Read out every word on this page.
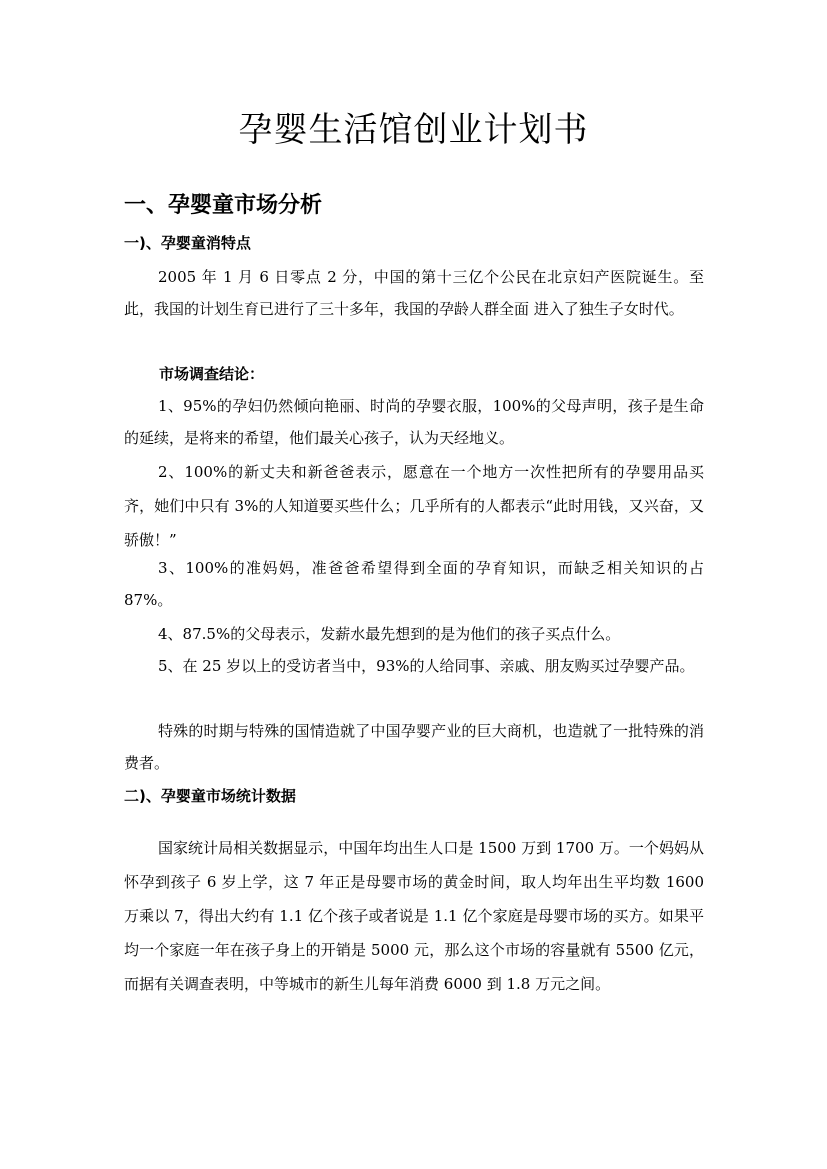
孕婴生活馆创业计划书
一、孕婴童市场分析
一)、孕婴童消特点
2005 年 1 月 6 日零点 2 分，中国的第十三亿个公民在北京妇产医院诞生。至此，我国的计划生育已进行了三十多年，我国的孕龄人群全面 进入了独生子女时代。
市场调查结论：
1、95%的孕妇仍然倾向艳丽、时尚的孕婴衣服，100%的父母声明，孩子是生命的延续，是将来的希望，他们最关心孩子，认为天经地义。
2、100%的新丈夫和新爸爸表示，愿意在一个地方一次性把所有的孕婴用品买齐，她们中只有 3%的人知道要买些什么；几乎所有的人都表示“此时用钱，又兴奋，又骄傲！”
3、100%的准妈妈，准爸爸希望得到全面的孕育知识，而缺乏相关知识的占 87%。
4、87.5%的父母表示，发薪水最先想到的是为他们的孩子买点什么。
5、在 25 岁以上的受访者当中，93%的人给同事、亲戚、朋友购买过孕婴产品。
特殊的时期与特殊的国情造就了中国孕婴产业的巨大商机，也造就了一批特殊的消费者。
二)、孕婴童市场统计数据
国家统计局相关数据显示，中国年均出生人口是 1500 万到 1700 万。一个妈妈从怀孕到孩子 6 岁上学，这 7 年正是母婴市场的黄金时间，取人均年出生平均数 1600 万乘以 7，得出大约有 1.1 亿个孩子或者说是 1.1 亿个家庭是母婴市场的买方。如果平均一个家庭一年在孩子身上的开销是 5000 元，那么这个市场的容量就有 5500 亿元，而据有关调查表明，中等城市的新生儿每年消费 6000 到 1.8 万元之间。
